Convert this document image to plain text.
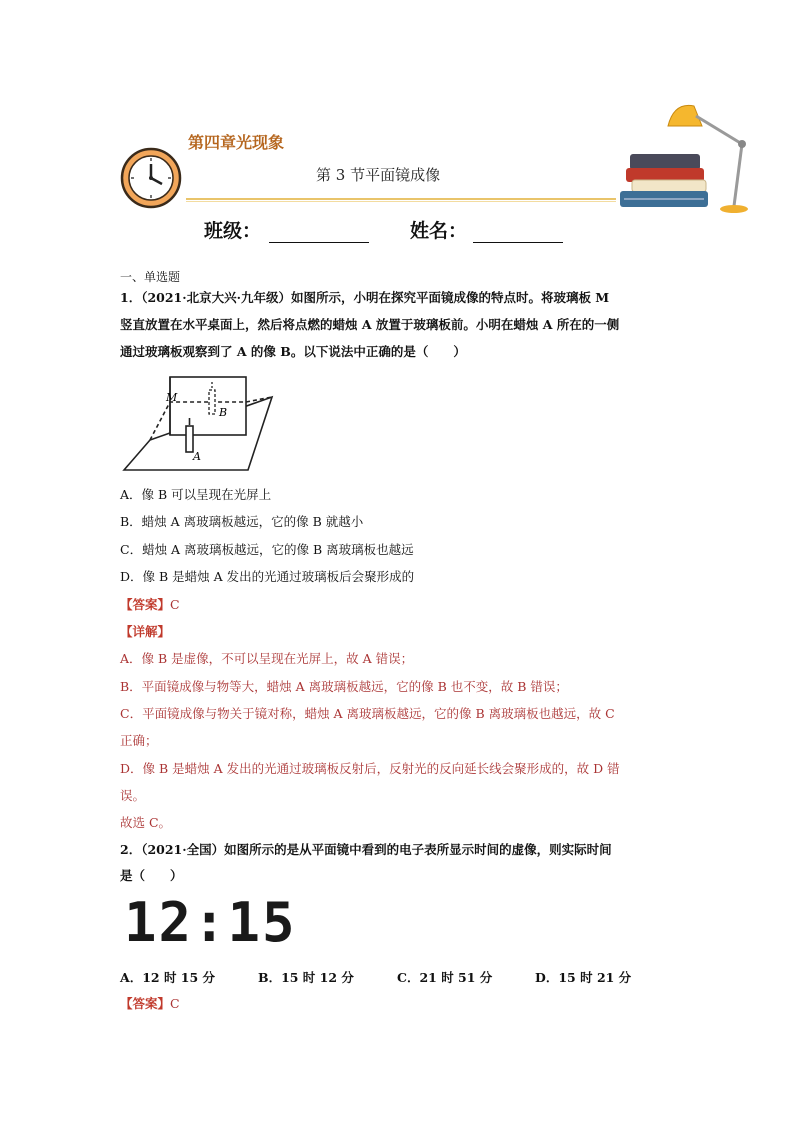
第四章光现象
第 3 节平面镜成像
班级：	姓名：
一、单选题
1．（2021·北京大兴·九年级）如图所示，小明在探究平面镜成像的特点时。将玻璃板 M
竖直放置在水平桌面上，然后将点燃的蜡烛 A 放置于玻璃板前。小明在蜡烛 A 所在的一侧
通过玻璃板观察到了 A 的像 B。以下说法中正确的是（　　）
M
B
A
A．像 B 可以呈现在光屏上
B．蜡烛 A 离玻璃板越远，它的像 B 就越小
C．蜡烛 A 离玻璃板越远，它的像 B 离玻璃板也越远
D．像 B 是蜡烛 A 发出的光通过玻璃板后会聚形成的
【答案】C
【详解】
A．像 B 是虚像，不可以呈现在光屏上，故 A 错误；
B．平面镜成像与物等大，蜡烛 A 离玻璃板越远，它的像 B 也不变，故 B 错误；
C．平面镜成像与物关于镜对称，蜡烛 A 离玻璃板越远，它的像 B 离玻璃板也越远，故 C
正确；
D．像 B 是蜡烛 A 发出的光通过玻璃板反射后，反射光的反向延长线会聚形成的，故 D 错
误。
故选 C。
2．（2021·全国）如图所示的是从平面镜中看到的电子表所显示时间的虚像，则实际时间
是（　　）
12:15
A．12 时 15 分	B．15 时 12 分	C．21 时 51 分	D．15 时 21 分
【答案】C
